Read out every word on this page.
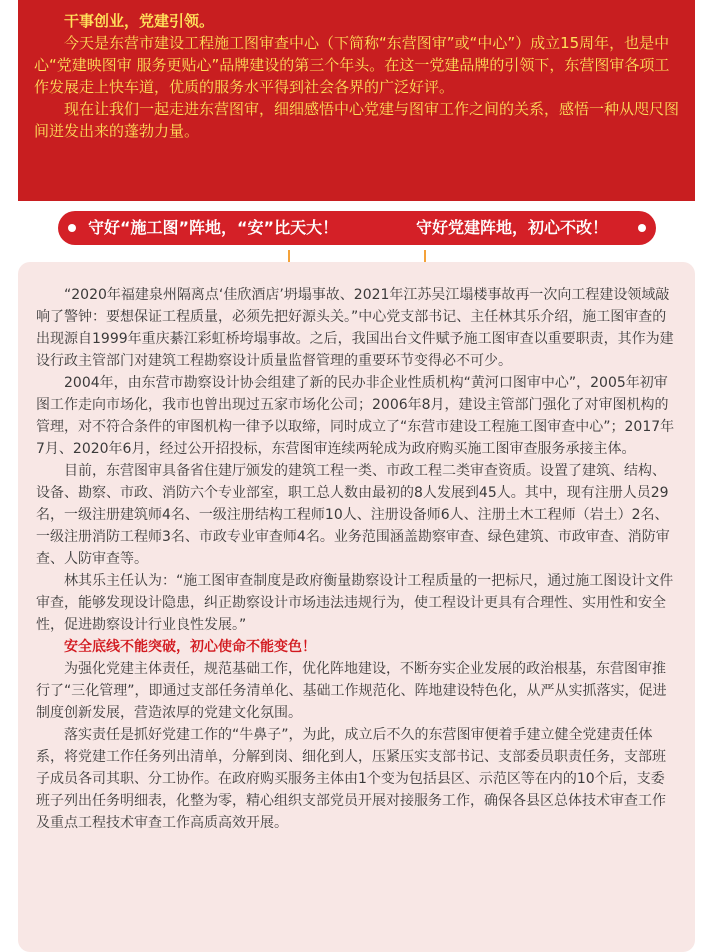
干事创业，党建引领。

今天是东营市建设工程施工图审查中心（下简称“东营图审”或“中心”）成立15周年，也是中心“党建映图审 服务更贴心”品牌建设的第三个年头。在这一党建品牌的引领下，东营图审各项工作发展走上快车道，优质的服务水平得到社会各界的广泛好评。

现在让我们一起走进东营图审，细细感悟中心党建与图审工作之间的关系，感悟一种从咫尺图间迸发出来的蓬勃力量。

守好“施工图”阵地，“安”比天大！	守好党建阵地，初心不改！

“2020年福建泉州隔离点‘佳欣酒店’坍塌事故、2021年江苏吴江塌楼事故再一次向工程建设领域敲响了警钟：要想保证工程质量，必须先把好源头关。”中心党支部书记、主任林其乐介绍，施工图审查的出现源自1999年重庆綦江彩虹桥垮塌事故。之后，我国出台文件赋予施工图审查以重要职责，其作为建设行政主管部门对建筑工程勘察设计质量监督管理的重要环节变得必不可少。

2004年，由东营市勘察设计协会组建了新的民办非企业性质机构“黄河口图审中心”，2005年初审图工作走向市场化，我市也曾出现过五家市场化公司；2006年8月，建设主管部门强化了对审图机构的管理，对不符合条件的审图机构一律予以取缔，同时成立了“东营市建设工程施工图审查中心”；2017年7月、2020年6月，经过公开招投标，东营图审连续两轮成为政府购买施工图审查服务承接主体。

目前，东营图审具备省住建厅颁发的建筑工程一类、市政工程二类审查资质。设置了建筑、结构、设备、勘察、市政、消防六个专业部室，职工总人数由最初的8人发展到45人。其中，现有注册人员29名，一级注册建筑师4名、一级注册结构工程师10人、注册设备师6人、注册土木工程师（岩土）2名、一级注册消防工程师3名、市政专业审查师4名。业务范围涵盖勘察审查、绿色建筑、市政审查、消防审查、人防审查等。

林其乐主任认为：“施工图审查制度是政府衡量勘察设计工程质量的一把标尺，通过施工图设计文件审查，能够发现设计隐患，纠正勘察设计市场违法违规行为，使工程设计更具有合理性、实用性和安全性，促进勘察设计行业良性发展。”

安全底线不能突破，初心使命不能变色！

为强化党建主体责任，规范基础工作，优化阵地建设，不断夯实企业发展的政治根基，东营图审推行了“三化管理”，即通过支部任务清单化、基础工作规范化、阵地建设特色化，从严从实抓落实，促进制度创新发展，营造浓厚的党建文化氛围。

落实责任是抓好党建工作的“牛鼻子”，为此，成立后不久的东营图审便着手建立健全党建责任体系，将党建工作任务列出清单，分解到岗、细化到人，压紧压实支部书记、支部委员职责任务，支部班子成员各司其职、分工协作。在政府购买服务主体由1个变为包括县区、示范区等在内的10个后，支委班子列出任务明细表，化整为零，精心组织支部党员开展对接服务工作，确保各县区总体技术审查工作及重点工程技术审查工作高质高效开展。
